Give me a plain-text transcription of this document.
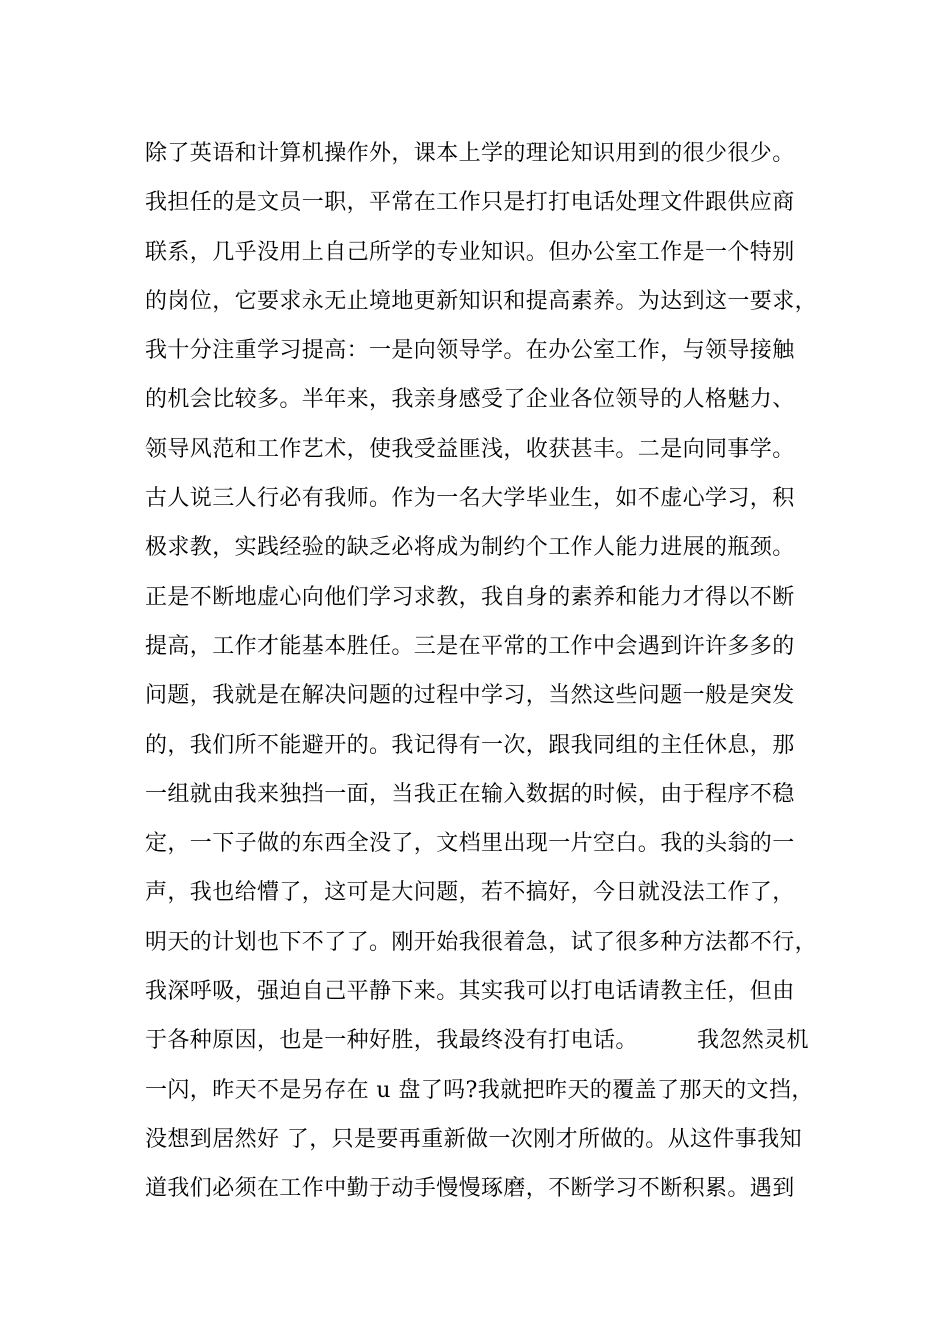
除了英语和计算机操作外，课本上学的理论知识用到的很少很少。
我担任的是文员一职，平常在工作只是打打电话处理文件跟供应商
联系，几乎没用上自己所学的专业知识。但办公室工作是一个特别
的岗位，它要求永无止境地更新知识和提高素养。为达到这一要求，
我十分注重学习提高：一是向领导学。在办公室工作，与领导接触
的机会比较多。半年来，我亲身感受了企业各位领导的人格魅力、
领导风范和工作艺术，使我受益匪浅，收获甚丰。二是向同事学。
古人说三人行必有我师。作为一名大学毕业生，如不虚心学习，积
极求教，实践经验的缺乏必将成为制约个工作人能力进展的瓶颈。
正是不断地虚心向他们学习求教，我自身的素养和能力才得以不断
提高，工作才能基本胜任。三是在平常的工作中会遇到许许多多的
问题，我就是在解决问题的过程中学习，当然这些问题一般是突发
的，我们所不能避开的。我记得有一次，跟我同组的主任休息，那
一组就由我来独挡一面，当我正在输入数据的时候，由于程序不稳
定，一下子做的东西全没了，文档里出现一片空白。我的头翁的一
声，我也给懵了，这可是大问题，若不搞好，今日就没法工作了，
明天的计划也下不了了。刚开始我很着急，试了很多种方法都不行，
我深呼吸，强迫自己平静下来。其实我可以打电话请教主任，但由
于各种原因，也是一种好胜，我最终没有打电话。        我忽然灵机
一闪，昨天不是另存在 u 盘了吗?我就把昨天的覆盖了那天的文挡，
没想到居然好 了，只是要再重新做一次刚才所做的。从这件事我知
道我们必须在工作中勤于动手慢慢琢磨，不断学习不断积累。遇到
